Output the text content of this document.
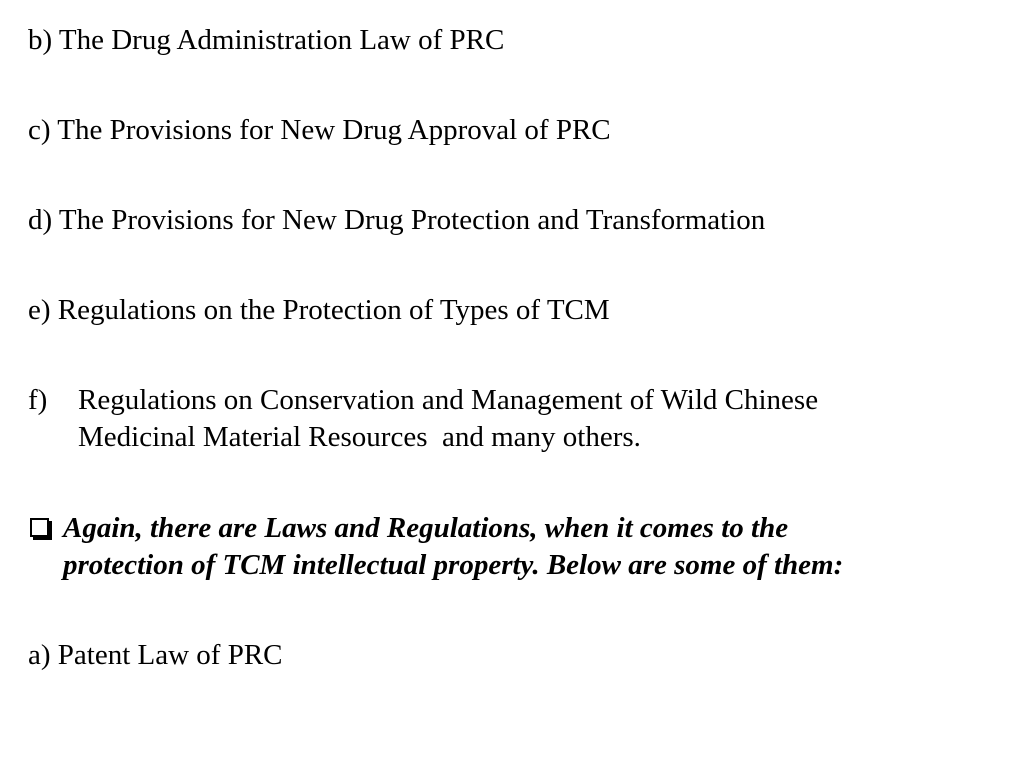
b) The Drug Administration Law of PRC
c) The Provisions for New Drug Approval of PRC
d) The Provisions for New Drug Protection and Transformation
e) Regulations on the Protection of Types of TCM
f) Regulations on Conservation and Management of Wild Chinese
Medicinal Material Resources  and many others.
Again, there are Laws and Regulations, when it comes to the
protection of TCM intellectual property. Below are some of them:
a) Patent Law of PRC
